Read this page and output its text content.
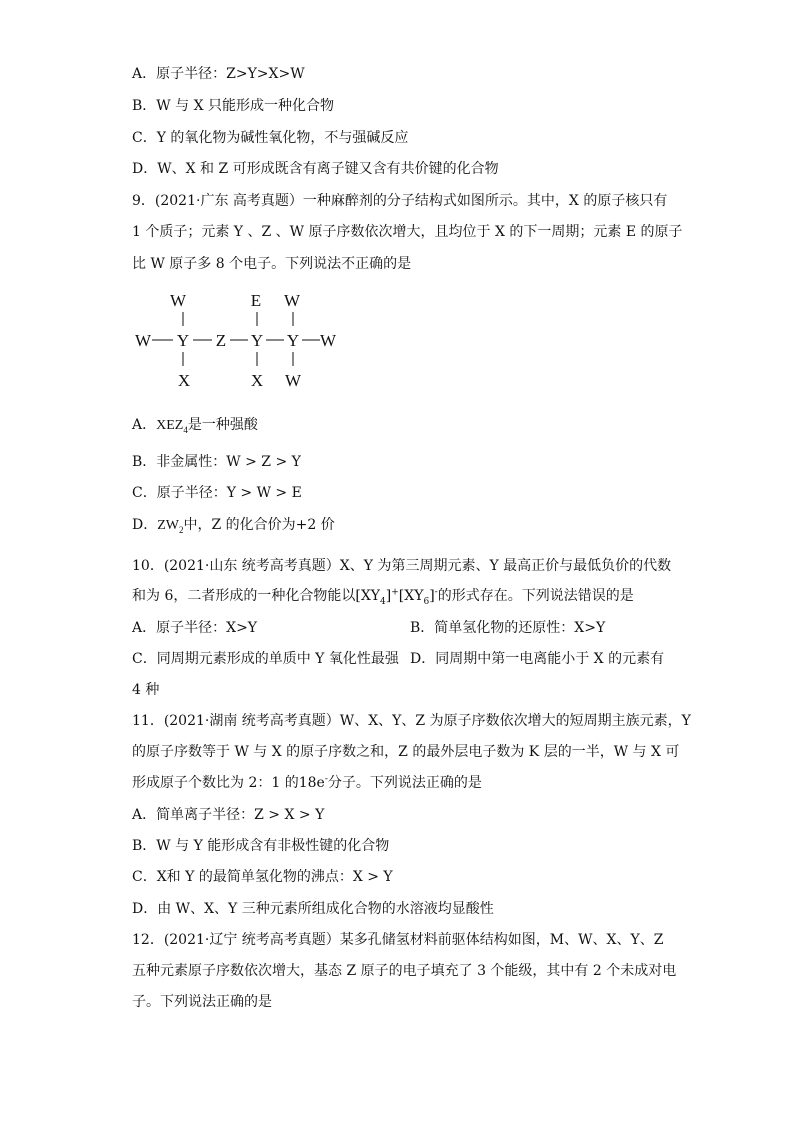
A．原子半径：Z>Y>X>W
B．W 与 X 只能形成一种化合物
C．Y 的氧化物为碱性氧化物，不与强碱反应
D．W、X 和 Z 可形成既含有离子键又含有共价键的化合物
9．(2021·广东 高考真题）一种麻醉剂的分子结构式如图所示。其中，X 的原子核只有
1 个质子；元素 Y 、Z 、W 原子序数依次增大，且均位于 X 的下一周期；元素 E 的原子
比 W 原子多 8 个电子。下列说法不正确的是
W	E W
W Y Z Y Y W
X	X W
A．$XEZ_4$是一种强酸
B．非金属性：W > Z > Y
C．原子半径：Y > W > E
D．$ZW_2$中，Z 的化合价为+2 价
10．(2021·山东 统考高考真题）X、Y 为第三周期元素、Y 最高正价与最低负价的代数
和为 6，二者形成的一种化合物能以$[XY_4]^+[XY_6]^-$的形式存在。下列说法错误的是
A．原子半径：X>Y	B．简单氢化物的还原性：X>Y
C．同周期元素形成的单质中 Y 氧化性最强 D．同周期中第一电离能小于 X 的元素有
4 种
11．(2021·湖南 统考高考真题）W、X、Y、Z 为原子序数依次增大的短周期主族元素，Y
的原子序数等于 W 与 X 的原子序数之和，Z 的最外层电子数为 K 层的一半，W 与 X 可
形成原子个数比为 2：1 的18e-分子。下列说法正确的是
A．简单离子半径：Z > X > Y
B．W 与 Y 能形成含有非极性键的化合物
C．X和 Y 的最简单氢化物的沸点：X > Y
D．由 W、X、Y 三种元素所组成化合物的水溶液均显酸性
12．(2021·辽宁 统考高考真题）某多孔储氢材料前驱体结构如图，M、W、X、Y、Z
五种元素原子序数依次增大，基态 Z 原子的电子填充了 3 个能级，其中有 2 个未成对电
子。下列说法正确的是
